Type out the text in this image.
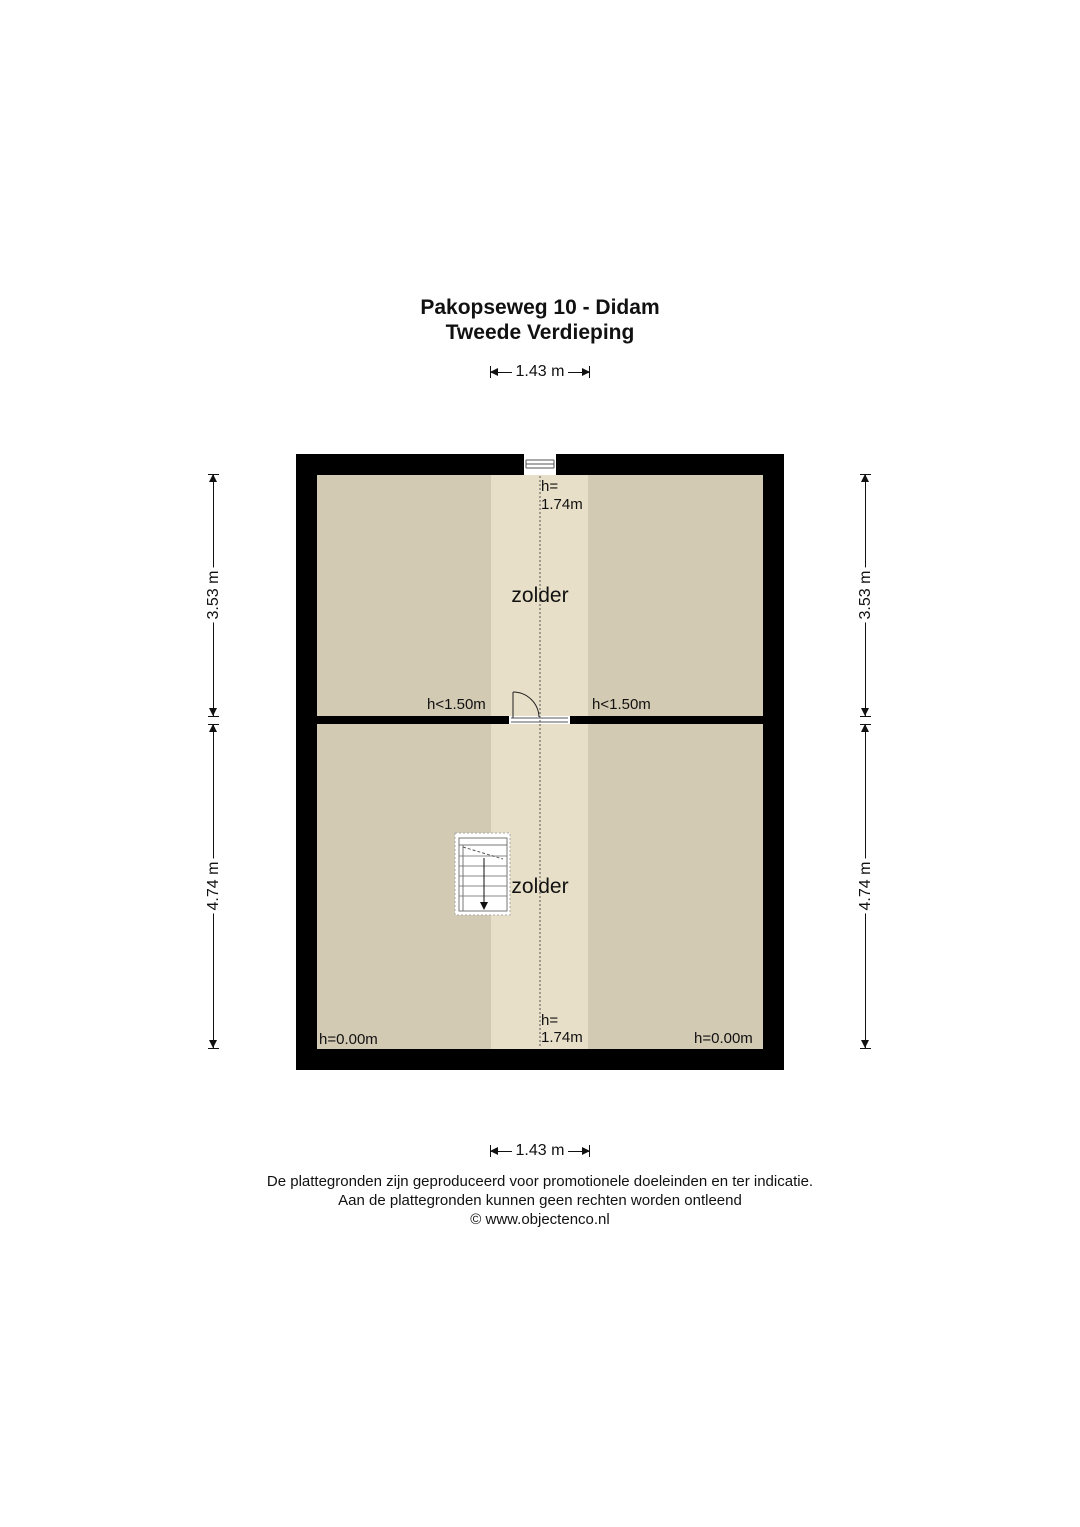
Pakopseweg 10 - Didam
Tweede Verdieping
1.43 m
3.53 m
4.74 m
3.53 m
4.74 m
zolder
zolder
h=
1.74m
h<1.50m	h<1.50m
h=
1.74m
h=0.00m	h=0.00m
1.43 m
De plattegronden zijn geproduceerd voor promotionele doeleinden en ter indicatie.
Aan de plattegronden kunnen geen rechten worden ontleend
© www.objectenco.nl
